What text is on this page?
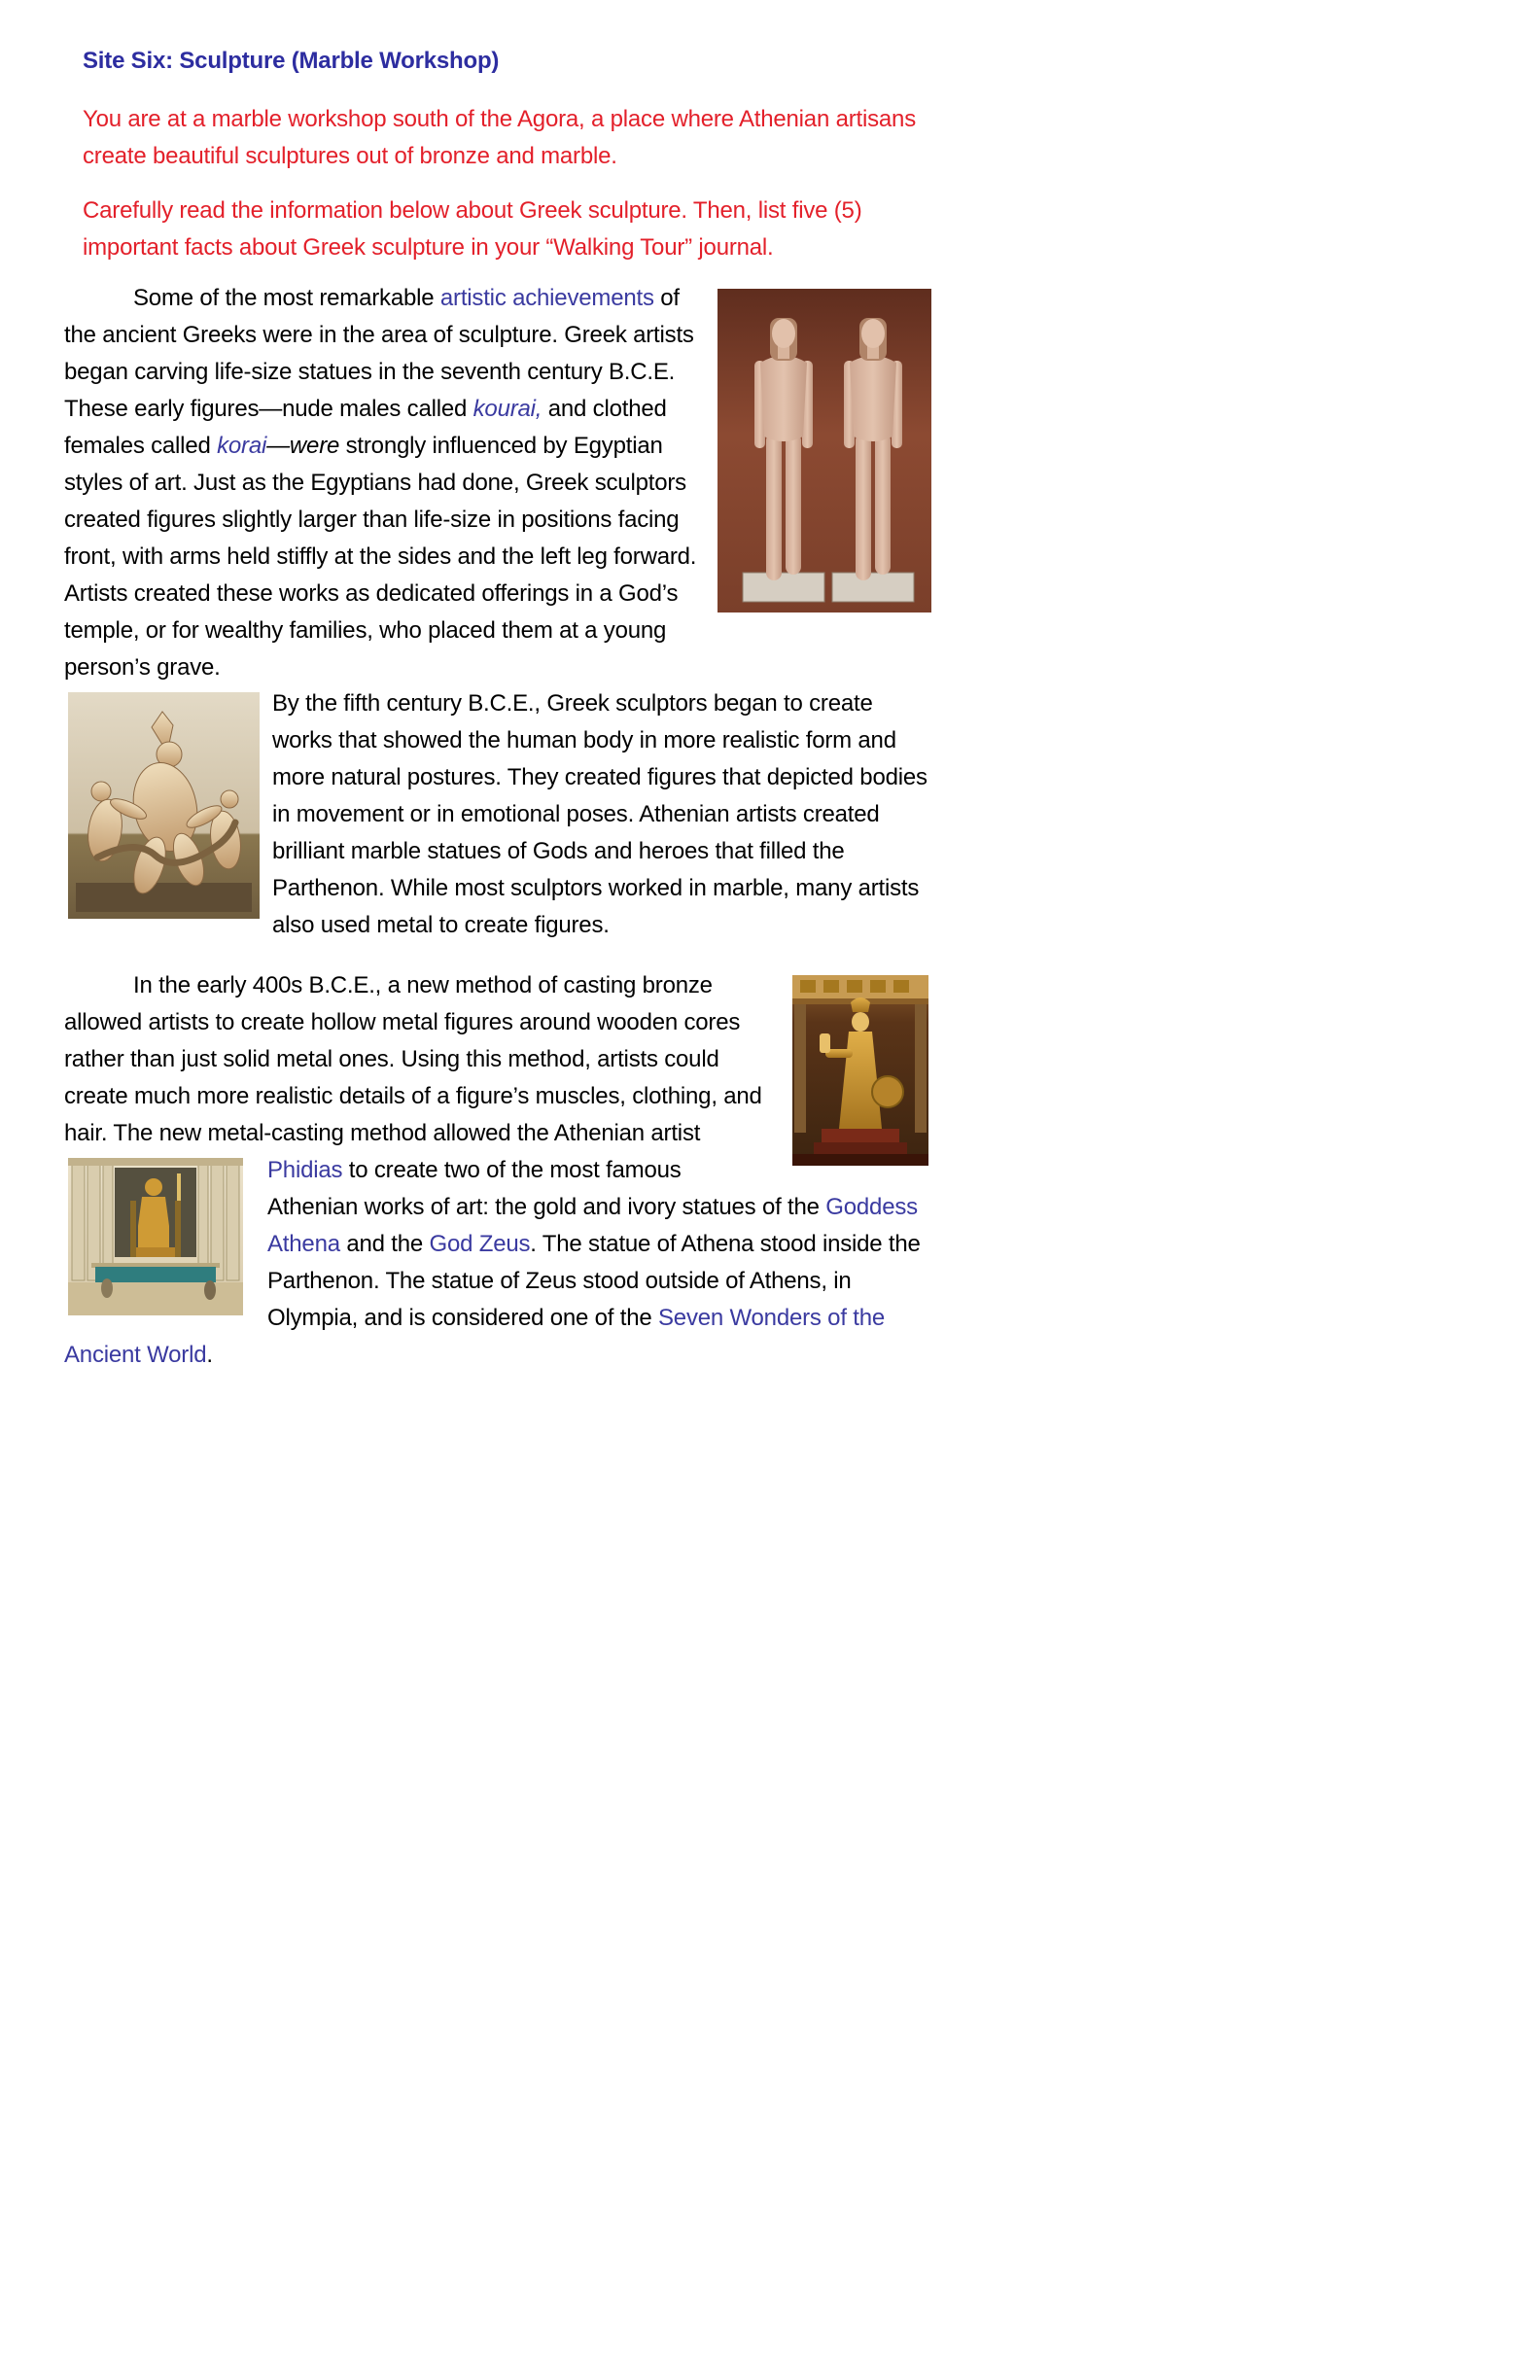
Site Six: Sculpture (Marble Workshop)

You are at a marble workshop south of the Agora, a place where Athenian artisans create beautiful sculptures out of bronze and marble.

Carefully read the information below about Greek sculpture. Then, list five (5) important facts about Greek sculpture in your “Walking Tour” journal.

Some of the most remarkable artistic achievements of the ancient Greeks were in the area of sculpture. Greek artists began carving life-size statues in the seventh century B.C.E. These early figures—nude males called kourai, and clothed females called korai—were strongly influenced by Egyptian styles of art. Just as the Egyptians had done, Greek sculptors created figures slightly larger than life-size in positions facing front, with arms held stiffly at the sides and the left leg forward. Artists created these works as dedicated offerings in a God’s temple, or for wealthy families, who placed them at a young person’s grave.

By the fifth century B.C.E., Greek sculptors began to create works that showed the human body in more realistic form and more natural postures. They created figures that depicted bodies in movement or in emotional poses. Athenian artists created brilliant marble statues of Gods and heroes that filled the Parthenon. While most sculptors worked in marble, many artists also used metal to create figures.

In the early 400s B.C.E., a new method of casting bronze allowed artists to create hollow metal figures around wooden cores rather than just solid metal ones. Using this method, artists could create much more realistic details of a figure’s muscles, clothing, and hair. The new metal-casting method allowed the Athenian artist Phidias to create two of the most
famous Athenian works of art: the gold and ivory statues of the Goddess Athena and the God Zeus. The statue of Athena stood inside the Parthenon. The statue of Zeus stood outside of Athens, in Olympia, and is considered one of the Seven Wonders of the Ancient World.
